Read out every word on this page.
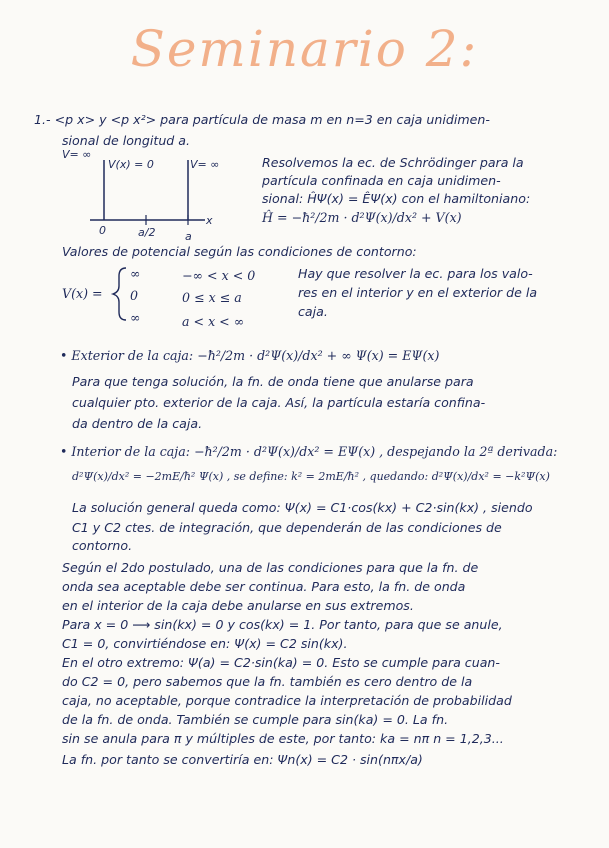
Seminario 2:
1.- <p x> y <p x²> para partícula de masa m en n=3 en caja unidimen-
sional de longitud a.
V= ∞
V(x) = 0	V= ∞
0	a/2	a
x
Resolvemos la ec. de Schrödinger para la
partícula confinada en caja unidimen-
sional: ĤΨ(x) = ÊΨ(x) con el hamiltoniano:
Ĥ = −ħ²/2m · d²Ψ(x)/dx² + V(x)
Valores de potencial según las condiciones de contorno:
V(x) =
∞	−∞ < x < 0
0	0 ≤ x ≤ a
∞	a < x < ∞
Hay que resolver la ec. para los valo-
res en el interior y en el exterior de la
caja.
• Exterior de la caja: −ħ²/2m · d²Ψ(x)/dx² + ∞ Ψ(x) = EΨ(x)
Para que tenga solución, la fn. de onda tiene que anularse para
cualquier pto. exterior de la caja. Así, la partícula estaría confina-
da dentro de la caja.
• Interior de la caja: −ħ²/2m · d²Ψ(x)/dx² = EΨ(x) , despejando la 2ª derivada:
d²Ψ(x)/dx² = −2mE/ħ² Ψ(x) , se define: k² = 2mE/ħ² , quedando: d²Ψ(x)/dx² = −k²Ψ(x)
La solución general queda como: Ψ(x) = C1·cos(kx) + C2·sin(kx) , siendo
C1 y C2 ctes. de integración, que dependerán de las condiciones de
contorno.
Según el 2do postulado, una de las condiciones para que la fn. de
onda sea aceptable debe ser continua. Para esto, la fn. de onda
en el interior de la caja debe anularse en sus extremos.
Para x = 0 ⟶ sin(kx) = 0 y cos(kx) = 1. Por tanto, para que se anule,
C1 = 0, convirtiéndose en: Ψ(x) = C2 sin(kx).
En el otro extremo: Ψ(a) = C2·sin(ka) = 0. Esto se cumple para cuan-
do C2 = 0, pero sabemos que la fn. también es cero dentro de la
caja, no aceptable, porque contradice la interpretación de probabilidad
de la fn. de onda. También se cumple para sin(ka) = 0. La fn.
sin se anula para π y múltiples de este, por tanto: ka = nπ n = 1,2,3...
La fn. por tanto se convertiría en: Ψn(x) = C2 · sin(nπx/a)
